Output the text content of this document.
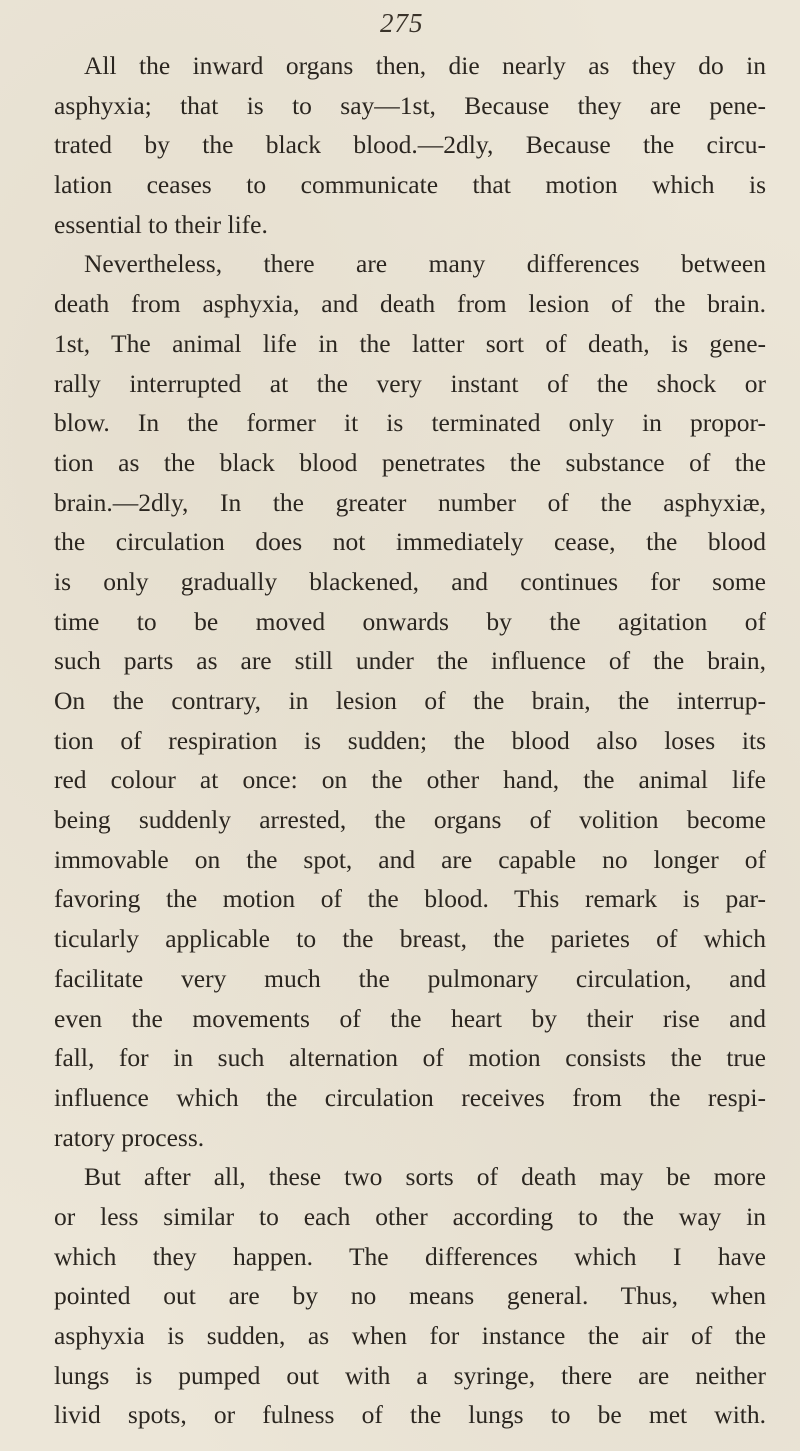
275
All the inward organs then, die nearly as they do in
asphyxia; that is to say—1st, Because they are pene-
trated by the black blood.—2dly, Because the circu-
lation ceases to communicate that motion which is
essential to their life.
Nevertheless, there are many differences between
death from asphyxia, and death from lesion of the brain.
1st, The animal life in the latter sort of death, is gene-
rally interrupted at the very instant of the shock or
blow. In the former it is terminated only in propor-
tion as the black blood penetrates the substance of the
brain.—2dly, In the greater number of the asphyxiæ,
the circulation does not immediately cease, the blood
is only gradually blackened, and continues for some
time to be moved onwards by the agitation of
such parts as are still under the influence of the brain,
On the contrary, in lesion of the brain, the interrup-
tion of respiration is sudden; the blood also loses its
red colour at once: on the other hand, the animal life
being suddenly arrested, the organs of volition become
immovable on the spot, and are capable no longer of
favoring the motion of the blood. This remark is par-
ticularly applicable to the breast, the parietes of which
facilitate very much the pulmonary circulation, and
even the movements of the heart by their rise and
fall, for in such alternation of motion consists the true
influence which the circulation receives from the respi-
ratory process.
But after all, these two sorts of death may be more
or less similar to each other according to the way in
which they happen. The differences which I have
pointed out are by no means general. Thus, when
asphyxia is sudden, as when for instance the air of the
lungs is pumped out with a syringe, there are neither
livid spots, or fulness of the lungs to be met with.
